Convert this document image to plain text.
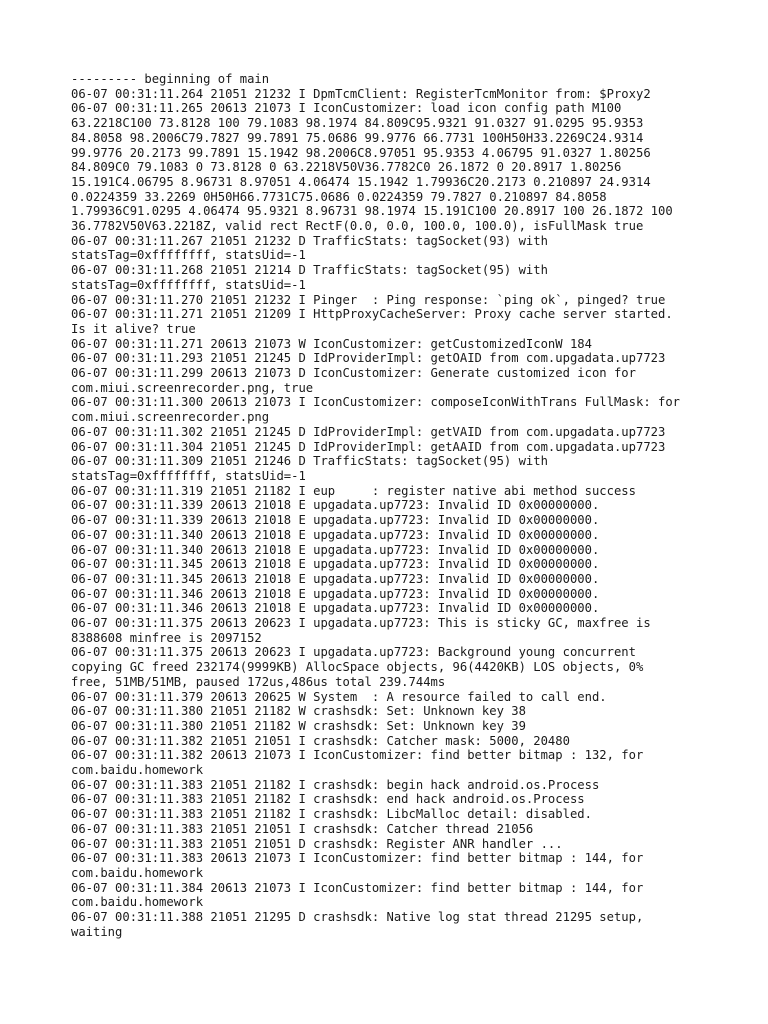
--------- beginning of main
06-07 00:31:11.264 21051 21232 I DpmTcmClient: RegisterTcmMonitor from: $Proxy2
06-07 00:31:11.265 20613 21073 I IconCustomizer: load icon config path M100
63.2218C100 73.8128 100 79.1083 98.1974 84.809C95.9321 91.0327 91.0295 95.9353
84.8058 98.2006C79.7827 99.7891 75.0686 99.9776 66.7731 100H50H33.2269C24.9314
99.9776 20.2173 99.7891 15.1942 98.2006C8.97051 95.9353 4.06795 91.0327 1.80256
84.809C0 79.1083 0 73.8128 0 63.2218V50V36.7782C0 26.1872 0 20.8917 1.80256
15.191C4.06795 8.96731 8.97051 4.06474 15.1942 1.79936C20.2173 0.210897 24.9314
0.0224359 33.2269 0H50H66.7731C75.0686 0.0224359 79.7827 0.210897 84.8058
1.79936C91.0295 4.06474 95.9321 8.96731 98.1974 15.191C100 20.8917 100 26.1872 100
36.7782V50V63.2218Z, valid rect RectF(0.0, 0.0, 100.0, 100.0), isFullMask true
06-07 00:31:11.267 21051 21232 D TrafficStats: tagSocket(93) with
statsTag=0xffffffff, statsUid=-1
06-07 00:31:11.268 21051 21214 D TrafficStats: tagSocket(95) with
statsTag=0xffffffff, statsUid=-1
06-07 00:31:11.270 21051 21232 I Pinger  : Ping response: `ping ok`, pinged? true
06-07 00:31:11.271 21051 21209 I HttpProxyCacheServer: Proxy cache server started.
Is it alive? true
06-07 00:31:11.271 20613 21073 W IconCustomizer: getCustomizedIconW 184
06-07 00:31:11.293 21051 21245 D IdProviderImpl: getOAID from com.upgadata.up7723
06-07 00:31:11.299 20613 21073 D IconCustomizer: Generate customized icon for
com.miui.screenrecorder.png, true
06-07 00:31:11.300 20613 21073 I IconCustomizer: composeIconWithTrans FullMask: for
com.miui.screenrecorder.png
06-07 00:31:11.302 21051 21245 D IdProviderImpl: getVAID from com.upgadata.up7723
06-07 00:31:11.304 21051 21245 D IdProviderImpl: getAAID from com.upgadata.up7723
06-07 00:31:11.309 21051 21246 D TrafficStats: tagSocket(95) with
statsTag=0xffffffff, statsUid=-1
06-07 00:31:11.319 21051 21182 I eup     : register native abi method success
06-07 00:31:11.339 20613 21018 E upgadata.up7723: Invalid ID 0x00000000.
06-07 00:31:11.339 20613 21018 E upgadata.up7723: Invalid ID 0x00000000.
06-07 00:31:11.340 20613 21018 E upgadata.up7723: Invalid ID 0x00000000.
06-07 00:31:11.340 20613 21018 E upgadata.up7723: Invalid ID 0x00000000.
06-07 00:31:11.345 20613 21018 E upgadata.up7723: Invalid ID 0x00000000.
06-07 00:31:11.345 20613 21018 E upgadata.up7723: Invalid ID 0x00000000.
06-07 00:31:11.346 20613 21018 E upgadata.up7723: Invalid ID 0x00000000.
06-07 00:31:11.346 20613 21018 E upgadata.up7723: Invalid ID 0x00000000.
06-07 00:31:11.375 20613 20623 I upgadata.up7723: This is sticky GC, maxfree is
8388608 minfree is 2097152
06-07 00:31:11.375 20613 20623 I upgadata.up7723: Background young concurrent
copying GC freed 232174(9999KB) AllocSpace objects, 96(4420KB) LOS objects, 0%
free, 51MB/51MB, paused 172us,486us total 239.744ms
06-07 00:31:11.379 20613 20625 W System  : A resource failed to call end.
06-07 00:31:11.380 21051 21182 W crashsdk: Set: Unknown key 38
06-07 00:31:11.380 21051 21182 W crashsdk: Set: Unknown key 39
06-07 00:31:11.382 21051 21051 I crashsdk: Catcher mask: 5000, 20480
06-07 00:31:11.382 20613 21073 I IconCustomizer: find better bitmap : 132, for
com.baidu.homework
06-07 00:31:11.383 21051 21182 I crashsdk: begin hack android.os.Process
06-07 00:31:11.383 21051 21182 I crashsdk: end hack android.os.Process
06-07 00:31:11.383 21051 21182 I crashsdk: LibcMalloc detail: disabled.
06-07 00:31:11.383 21051 21051 I crashsdk: Catcher thread 21056
06-07 00:31:11.383 21051 21051 D crashsdk: Register ANR handler ...
06-07 00:31:11.383 20613 21073 I IconCustomizer: find better bitmap : 144, for
com.baidu.homework
06-07 00:31:11.384 20613 21073 I IconCustomizer: find better bitmap : 144, for
com.baidu.homework
06-07 00:31:11.388 21051 21295 D crashsdk: Native log stat thread 21295 setup,
waiting
